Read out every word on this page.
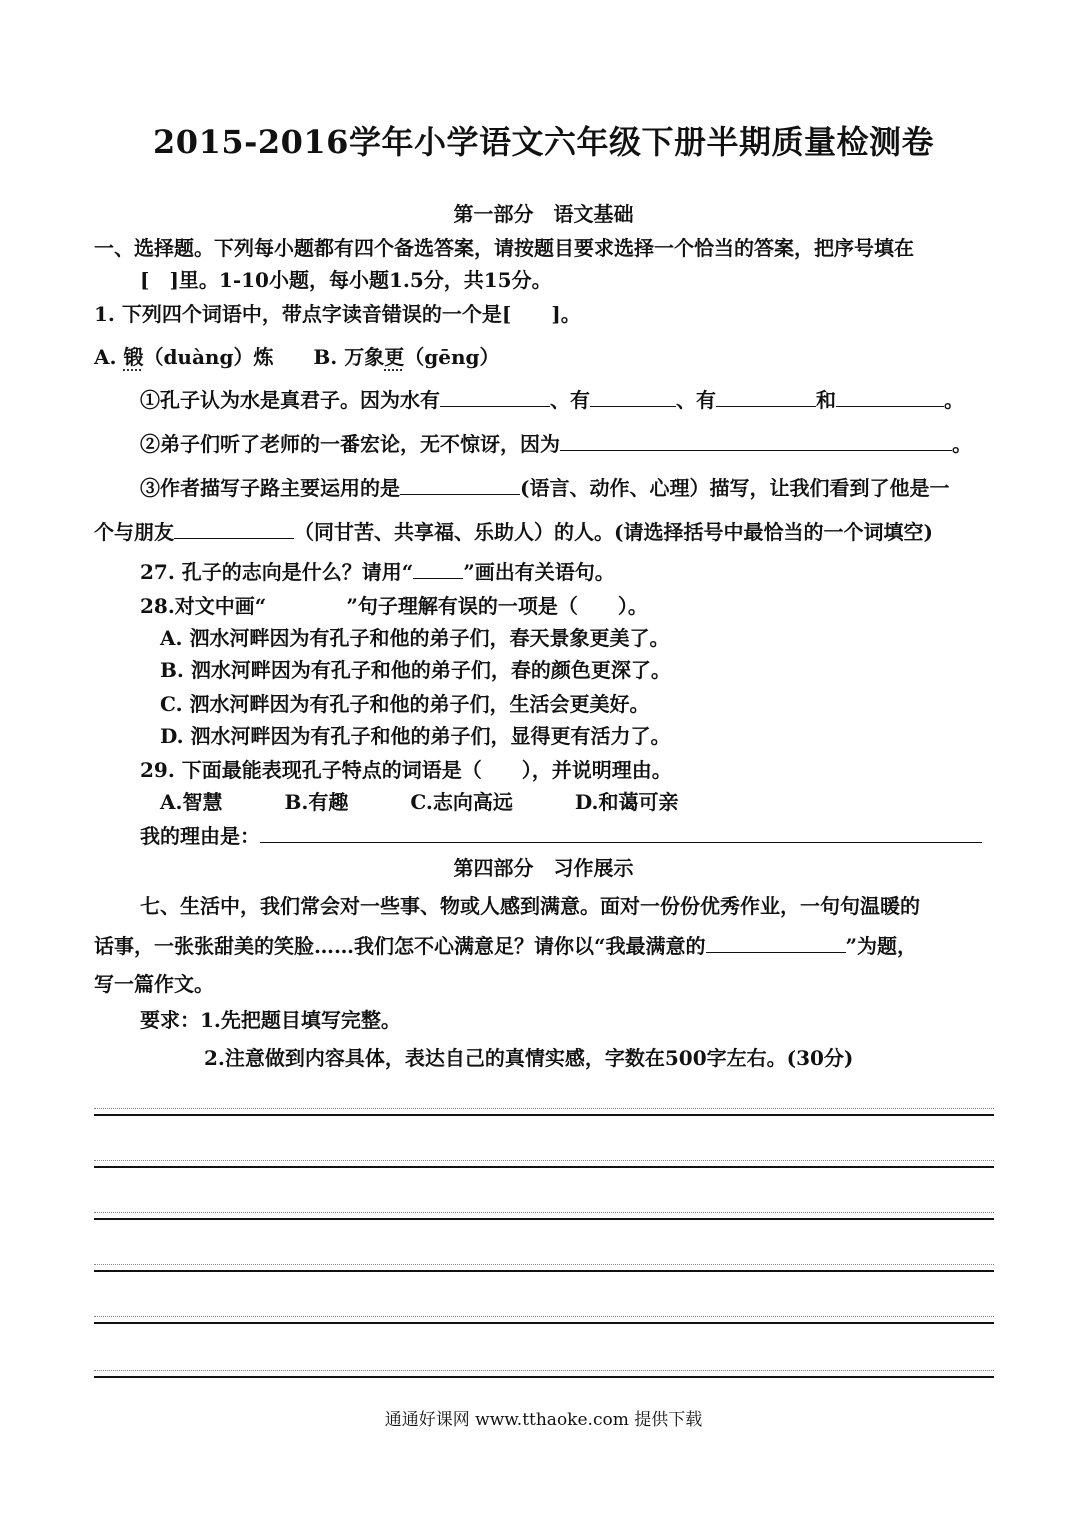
2015-2016学年小学语文六年级下册半期质量检测卷
第一部分　语文基础
一、选择题。下列每小题都有四个备选答案，请按题目要求选择一个恰当的答案，把序号填在
[　]里。1-10小题，每小题1.5分，共15分。
1. 下列四个词语中，带点字读音错误的一个是[　　]。
A. 锻（duàng）炼 B. 万象更（gēng）
①孔子认为水是真君子。因为水有	、有	、有	和	。
②弟子们听了老师的一番宏论，无不惊讶，因为	。
③作者描写子路主要运用的是	(语言、动作、心理）描写，让我们看到了他是一
个与朋友	（同甘苦、共享福、乐助人）的人。(请选择括号中最恰当的一个词填空)
27. 孔子的志向是什么？请用“	”画出有关语句。
28.对文中画“	”句子理解有误的一项是（　　）。
A. 泗水河畔因为有孔子和他的弟子们，春天景象更美了。
B. 泗水河畔因为有孔子和他的弟子们，春的颜色更深了。
C. 泗水河畔因为有孔子和他的弟子们，生活会更美好。
D. 泗水河畔因为有孔子和他的弟子们，显得更有活力了。
29. 下面最能表现孔子特点的词语是（　　），并说明理由。
A.智慧	B.有趣	C.志向高远	D.和蔼可亲
我的理由是：
第四部分　习作展示
七、生活中，我们常会对一些事、物或人感到满意。面对一份份优秀作业，一句句温暖的
话事，一张张甜美的笑脸……我们怎不心满意足？请你以“我最满意的	”为题，
写一篇作文。
要求：1.先把题目填写完整。
2.注意做到内容具体，表达自己的真情实感，字数在500字左右。(30分)
通通好课网 www.tthaoke.com 提供下载
